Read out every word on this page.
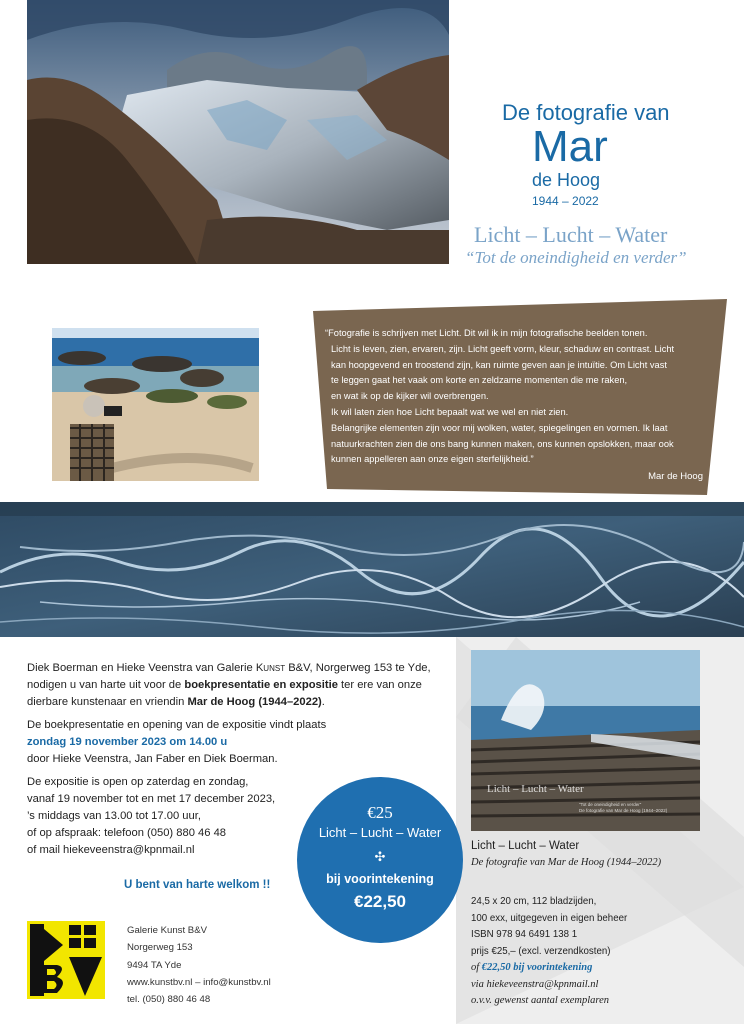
De fotografie van
Mar
de Hoog
1944 – 2022
Licht – Lucht – Water
“Tot de oneindigheid en verder”
“Fotografie is schrijven met Licht. Dit wil ik in mijn fotografische beelden tonen.
Licht is leven, zien, ervaren, zijn. Licht geeft vorm, kleur, schaduw en contrast. Licht
kan hoopgevend en troostend zijn, kan ruimte geven aan je intuïtie. Om Licht vast
te leggen gaat het vaak om korte en zeldzame momenten die me raken,
en wat ik op de kijker wil overbrengen.
Ik wil laten zien hoe Licht bepaalt wat we wel en niet zien.
Belangrijke elementen zijn voor mij wolken, water, spiegelingen en vormen. Ik laat
natuurkrachten zien die ons bang kunnen maken, ons kunnen opslokken, maar ook
kunnen appelleren aan onze eigen sterfelijkheid.”
Mar de Hoog

Diek Boerman en Hieke Veenstra van Galerie Kunst B&V, Norgerweg 153 te Yde,
nodigen u van harte uit voor de boekpresentatie en expositie ter ere van onze
dierbare kunstenaar en vriendin Mar de Hoog (1944–2022).

De boekpresentatie en opening van de expositie vindt plaats
zondag 19 november 2023 om 14.00 u
door Hieke Veenstra, Jan Faber en Diek Boerman.

De expositie is open op zaterdag en zondag,
vanaf 19 november tot en met 17 december 2023,
’s middags van 13.00 tot 17.00 uur,
of op afspraak: telefoon (050) 880 46 48
of mail hiekeveenstra@kpnmail.nl

U bent van harte welkom !!
€25
Licht – Lucht – Water
✣
bij voorintekening
€22,50
Galerie Kunst B&V
Norgerweg 153
9494 TA Yde
www.kunstbv.nl – info@kunstbv.nl
tel. (050) 880 46 48
Licht – Lucht – Water
“Tot de oneindigheid en verder”
De fotografie van Mar de Hoog (1944–2022)
Licht – Lucht – Water
De fotografie van Mar de Hoog (1944–2022)
24,5 x 20 cm, 112 bladzijden,
100 exx, uitgegeven in eigen beheer
ISBN 978 94 6491 138 1
prijs €25,– (excl. verzendkosten)
of €22,50 bij voorintekening
via hiekeveenstra@kpnmail.nl
o.v.v. gewenst aantal exemplaren
